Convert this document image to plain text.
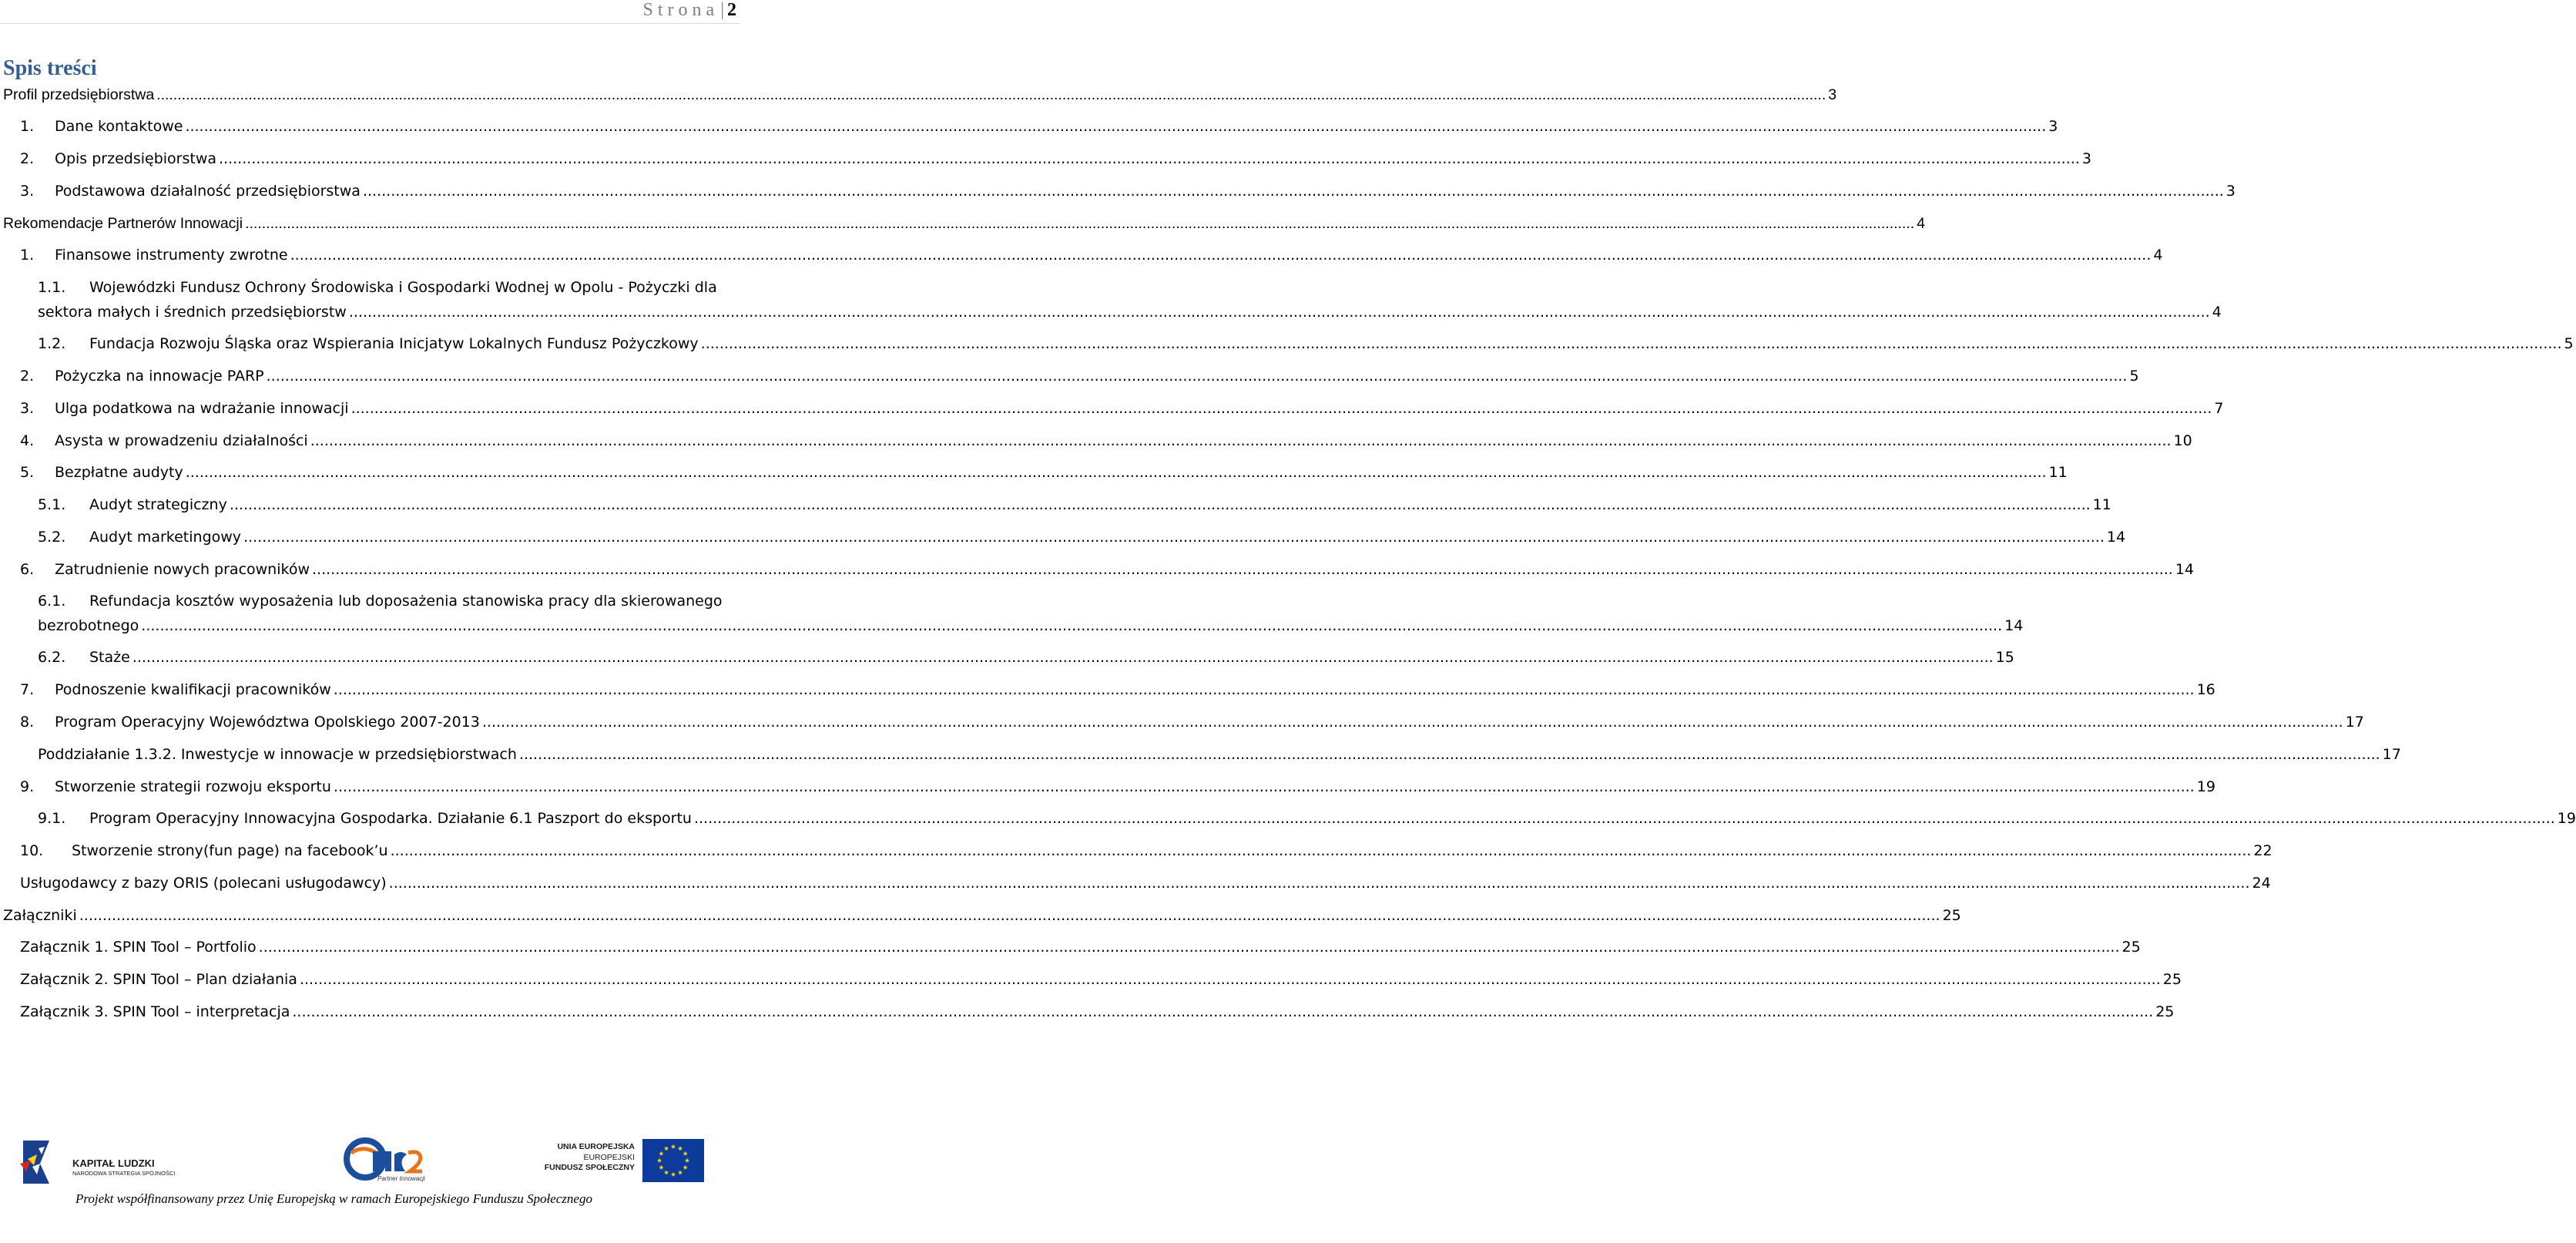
Strona| 2
Spis treści
Profil przedsiębiorstwa ................................................................................................................................................................................................................................................................................................................................................................................................................ 3
1.	Dane kontaktowe ................................................................................................................................................................................................................................................................................................................................................................................................................ 3
2.	Opis przedsiębiorstwa ................................................................................................................................................................................................................................................................................................................................................................................................................ 3
3.	Podstawowa działalność przedsiębiorstwa ................................................................................................................................................................................................................................................................................................................................................................................................................ 3
Rekomendacje Partnerów Innowacji ................................................................................................................................................................................................................................................................................................................................................................................................................ 4
1.	Finansowe instrumenty zwrotne ................................................................................................................................................................................................................................................................................................................................................................................................................ 4
1.1.	Wojewódzki Fundusz Ochrony Środowiska i Gospodarki Wodnej w Opolu - Pożyczki dla
sektora małych i średnich przedsiębiorstw ................................................................................................................................................................................................................................................................................................................................................................................................................ 4
1.2.	Fundacja Rozwoju Śląska oraz Wspierania Inicjatyw Lokalnych Fundusz Pożyczkowy ................................................................................................................................................................................................................................................................................................................................................................................................................ 5
2.	Pożyczka na innowacje PARP ................................................................................................................................................................................................................................................................................................................................................................................................................ 5
3.	Ulga podatkowa na wdrażanie innowacji ................................................................................................................................................................................................................................................................................................................................................................................................................ 7
4.	Asysta w prowadzeniu działalności ................................................................................................................................................................................................................................................................................................................................................................................................................ 10
5.	Bezpłatne audyty ................................................................................................................................................................................................................................................................................................................................................................................................................ 11
5.1.	Audyt strategiczny ................................................................................................................................................................................................................................................................................................................................................................................................................ 11
5.2.	Audyt marketingowy ................................................................................................................................................................................................................................................................................................................................................................................................................ 14
6.	Zatrudnienie nowych pracowników ................................................................................................................................................................................................................................................................................................................................................................................................................ 14
6.1.	Refundacja kosztów wyposażenia lub doposażenia stanowiska pracy dla skierowanego
bezrobotnego ................................................................................................................................................................................................................................................................................................................................................................................................................ 14
6.2.	Staże ................................................................................................................................................................................................................................................................................................................................................................................................................ 15
7.	Podnoszenie kwalifikacji pracowników ................................................................................................................................................................................................................................................................................................................................................................................................................ 16
8.	Program Operacyjny Województwa Opolskiego 2007-2013 ................................................................................................................................................................................................................................................................................................................................................................................................................ 17
Poddziałanie 1.3.2. Inwestycje w innowacje w przedsiębiorstwach ................................................................................................................................................................................................................................................................................................................................................................................................................ 17
9.	Stworzenie strategii rozwoju eksportu ................................................................................................................................................................................................................................................................................................................................................................................................................ 19
9.1.	Program Operacyjny Innowacyjna Gospodarka. Działanie 6.1 Paszport do eksportu ................................................................................................................................................................................................................................................................................................................................................................................................................ 19
10.	Stworzenie strony(fun page) na facebook’u ................................................................................................................................................................................................................................................................................................................................................................................................................ 22
Usługodawcy z bazy ORIS (polecani usługodawcy) ................................................................................................................................................................................................................................................................................................................................................................................................................ 24
Załączniki ................................................................................................................................................................................................................................................................................................................................................................................................................ 25
Załącznik 1. SPIN Tool – Portfolio ................................................................................................................................................................................................................................................................................................................................................................................................................ 25
Załącznik 2. SPIN Tool – Plan działania ................................................................................................................................................................................................................................................................................................................................................................................................................ 25
Załącznik 3. SPIN Tool – interpretacja ................................................................................................................................................................................................................................................................................................................................................................................................................ 25
KAPITAŁ LUDZKI
NARODOWA STRATEGIA SPÓJNOŚCI
Partner Innowacji
UNIA EUROPEJSKA
EUROPEJSKI
FUNDUSZ SPOŁECZNY
Projekt współfinansowany przez Unię Europejską w ramach Europejskiego Funduszu Społecznego
